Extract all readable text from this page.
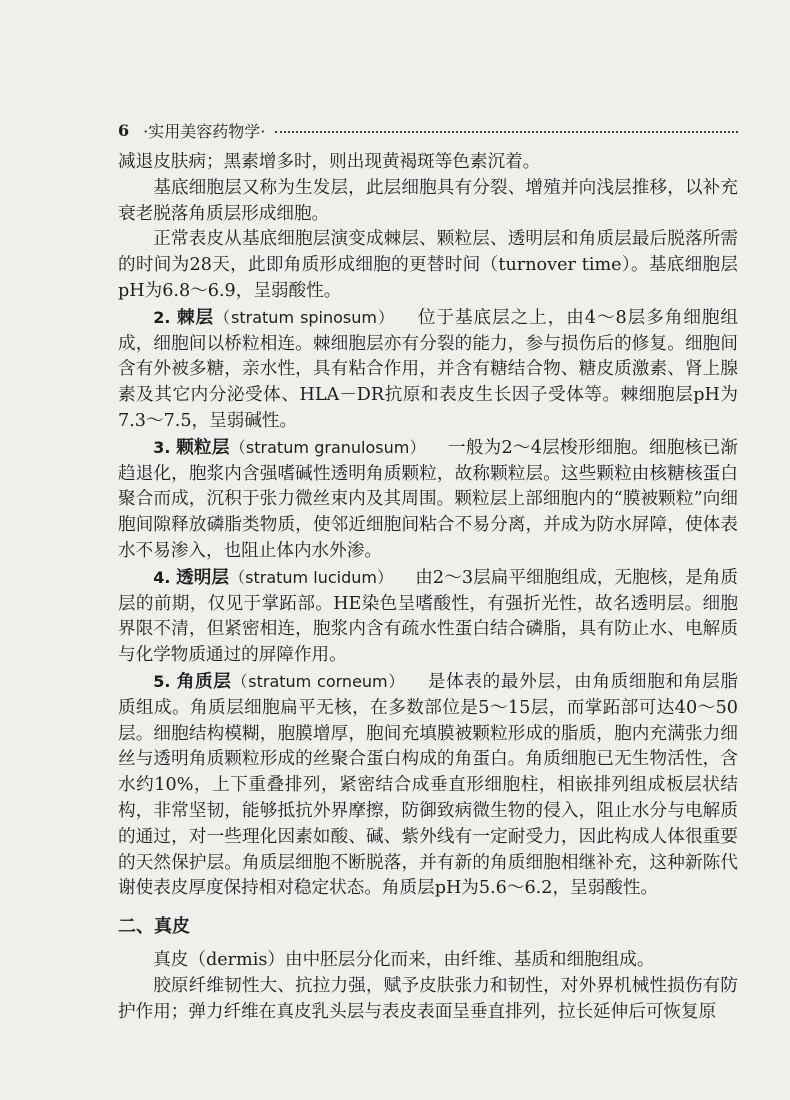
6 ·实用美容药物学·

减退皮肤病；黑素增多时，则出现黄褐斑等色素沉着。

基底细胞层又称为生发层，此层细胞具有分裂、增殖并向浅层推移，以补充衰老脱落角质层形成细胞。

正常表皮从基底细胞层演变成棘层、颗粒层、透明层和角质层最后脱落所需的时间为28天，此即角质形成细胞的更替时间（turnover time）。基底细胞层pH为6.8～6.9，呈弱酸性。

2. 棘层（stratum spinosum） 位于基底层之上，由4～8层多角细胞组成，细胞间以桥粒相连。棘细胞层亦有分裂的能力，参与损伤后的修复。细胞间含有外被多糖，亲水性，具有粘合作用，并含有糖结合物、糖皮质激素、肾上腺素及其它内分泌受体、HLA－DR抗原和表皮生长因子受体等。棘细胞层pH为7.3～7.5，呈弱碱性。

3. 颗粒层（stratum granulosum） 一般为2～4层梭形细胞。细胞核已渐趋退化，胞浆内含强嗜碱性透明角质颗粒，故称颗粒层。这些颗粒由核糖核蛋白聚合而成，沉积于张力微丝束内及其周围。颗粒层上部细胞内的“膜被颗粒”向细胞间隙释放磷脂类物质，使邻近细胞间粘合不易分离，并成为防水屏障，使体表水不易渗入，也阻止体内水外渗。

4. 透明层（stratum lucidum） 由2～3层扁平细胞组成，无胞核，是角质层的前期，仅见于掌跖部。HE染色呈嗜酸性，有强折光性，故名透明层。细胞界限不清，但紧密相连，胞浆内含有疏水性蛋白结合磷脂，具有防止水、电解质与化学物质通过的屏障作用。

5. 角质层（stratum corneum） 是体表的最外层，由角质细胞和角层脂质组成。角质层细胞扁平无核，在多数部位是5～15层，而掌跖部可达40～50层。细胞结构模糊，胞膜增厚，胞间充填膜被颗粒形成的脂质，胞内充满张力细丝与透明角质颗粒形成的丝聚合蛋白构成的角蛋白。角质细胞已无生物活性，含水约10%，上下重叠排列，紧密结合成垂直形细胞柱，相嵌排列组成板层状结构，非常坚韧，能够抵抗外界摩擦，防御致病微生物的侵入，阻止水分与电解质的通过，对一些理化因素如酸、碱、紫外线有一定耐受力，因此构成人体很重要的天然保护层。角质层细胞不断脱落，并有新的角质细胞相继补充，这种新陈代谢使表皮厚度保持相对稳定状态。角质层pH为5.6～6.2，呈弱酸性。

二、真皮

真皮（dermis）由中胚层分化而来，由纤维、基质和细胞组成。

胶原纤维韧性大、抗拉力强，赋予皮肤张力和韧性，对外界机械性损伤有防护作用；弹力纤维在真皮乳头层与表皮表面呈垂直排列，拉长延伸后可恢复原
